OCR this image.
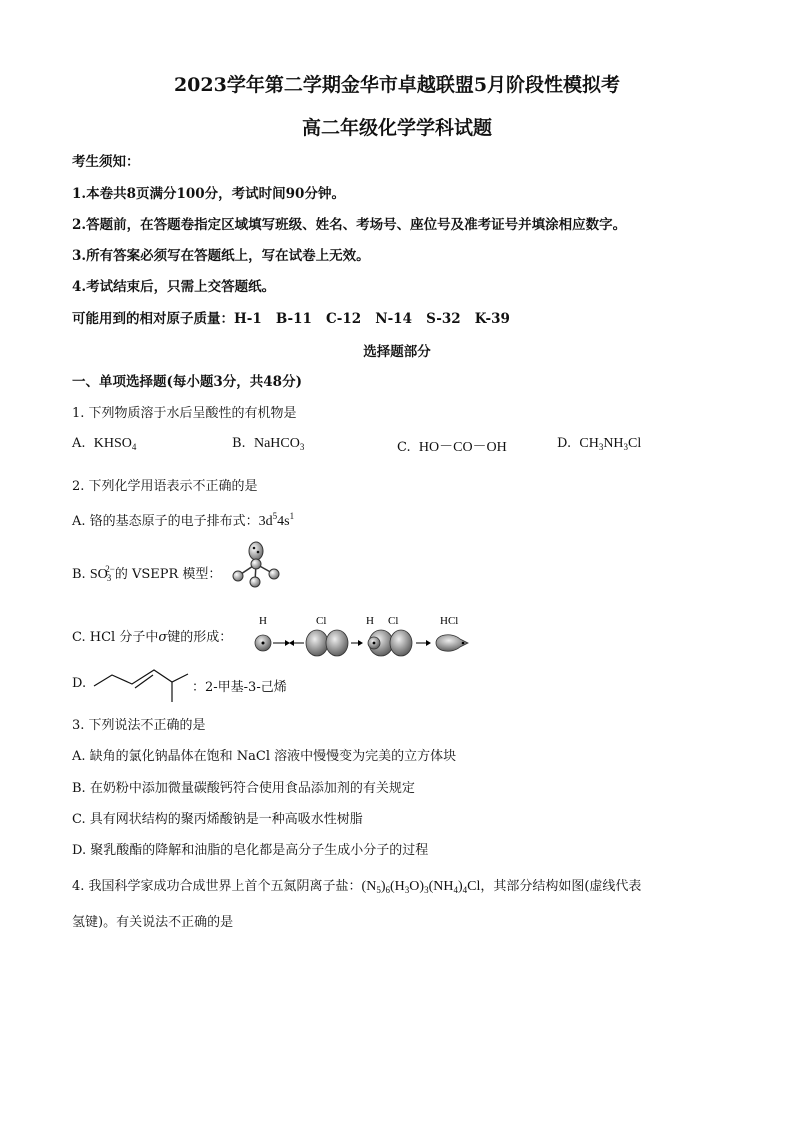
2023学年第二学期金华市卓越联盟5月阶段性模拟考
高二年级化学学科试题
考生须知：
1.本卷共8页满分100分，考试时间90分钟。
2.答题前，在答题卷指定区域填写班级、姓名、考场号、座位号及准考证号并填涂相应数字。
3.所有答案必须写在答题纸上，写在试卷上无效。
4.考试结束后，只需上交答题纸。
可能用到的相对原子质量：H-1   B-11   C-12   N-14   S-32   K-39
选择题部分
一、单项选择题(每小题3分，共48分)
1. 下列物质溶于水后呈酸性的有机物是
A. $KHSO_4$	B. NaHCO$_3$	C. HO－CO－OH	D. $CH_3NH_3Cl$
2. 下列化学用语表示不正确的是
A. 铬的基态原子的电子排布式：$3d^54s^1$
B. $SO_3^{2-}$的 VSEPR 模型：
C. HCl 分子中σ键的形成：
H	Cl	H Cl	HCl
D.	：2-甲基-3-己烯
3. 下列说法不正确的是
A. 缺角的氯化钠晶体在饱和 NaCl 溶液中慢慢变为完美的立方体块
B. 在奶粉中添加微量碳酸钙符合使用食品添加剂的有关规定
C. 具有网状结构的聚丙烯酸钠是一种高吸水性树脂
D. 聚乳酸酯的降解和油脂的皂化都是高分子生成小分子的过程
4. 我国科学家成功合成世界上首个五氮阴离子盐：$(N_5)_6(H_3O)_3(NH_4)_4Cl$，其部分结构如图(虚线代表
氢键)。有关说法不正确的是
